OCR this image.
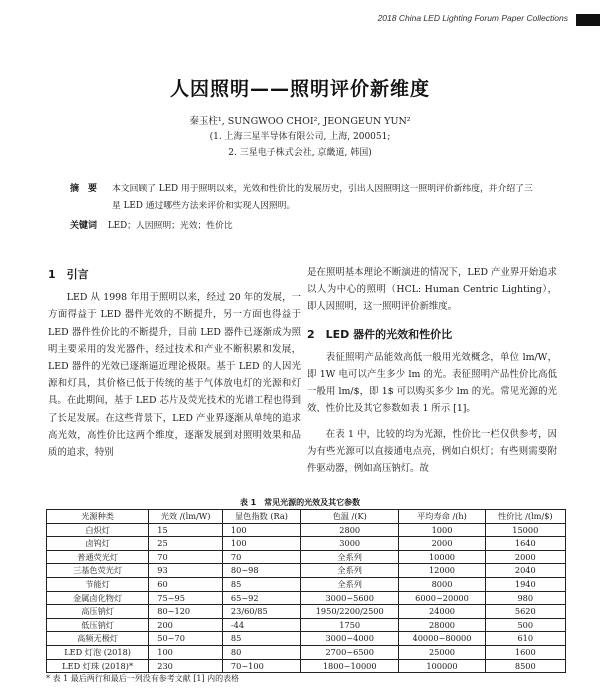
2018 China LED Lighting Forum Paper Collections
人因照明——照明评价新维度
秦玉柱¹, SUNGWOO CHOI², JEONGEUN YUN²
(1. 上海三星半导体有限公司, 上海, 200051;
2. 三星电子株式会社, 京畿道, 韩国)
摘　要 本文回顾了 LED 用于照明以来，光效和性价比的发展历史，引出人因照明这一照明评价新纬度，并介绍了三星 LED 通过哪些方法来评价和实现人因照明。
关键词 LED；人因照明；光效；性价比
1　引言

LED 从 1998 年用于照明以来，经过 20 年的发展，一方面得益于 LED 器件光效的不断提升，另一方面也得益于 LED 器件性价比的不断提升，目前 LED 器件已逐渐成为照明主要采用的发光器件，经过技术和产业不断积累和发展，LED 器件的光效已逐渐逼近理论极限。基于 LED 的人因光源和灯具，其价格已低于传统的基于气体放电灯的光源和灯具。在此期间，基于 LED 芯片及荧光技术的光谱工程也得到了长足发展。在这些背景下，LED 产业界逐渐从单纯的追求高光效，高性价比这两个维度，逐渐发展到对照明效果和品质的追求，特别

是在照明基本理论不断演进的情况下，LED 产业界开始追求以人为中心的照明（HCL: Human Centric Lighting），即人因照明，这一照明评价新维度。

2　LED 器件的光效和性价比

表征照明产品能效高低一般用光效概念，单位 lm/W，即 1W 电可以产生多少 lm 的光。表征照明产品性价比高低一般用 lm/$，即 1$ 可以购买多少 lm 的光。常见光源的光效、性价比及其它参数如表 1 所示 [1]。

在表 1 中，比较的均为光源，性价比一栏仅供参考，因为有些光源可以直接通电点亮，例如白炽灯；有些则需要附件驱动器，例如高压钠灯。故

表 1　常见光源的光效及其它参数
光源种类	光效 /(lm/W)	显色指数 (Ra)	色温 /(K)	平均寿命 /(h)	性价比 /(lm/$)
白炽灯	15	100	2800	1000	15000
卤钨灯	25	100	3000	2000	1640
普通荧光灯	70	70	全系列	10000	2000
三基色荧光灯	93	80~98	全系列	12000	2040
节能灯	60	85	全系列	8000	1940
金属卤化物灯	75~95	65~92	3000~5600	6000~20000	980
高压钠灯	80~120	23/60/85	1950/2200/2500	24000	5620
低压钠灯	200	-44	1750	28000	500
高频无极灯	50~70	85	3000~4000	40000~80000	610
LED 灯泡 (2018)	100	80	2700~6500	25000	1600
LED 灯珠 (2018)*	230	70~100	1800~10000	100000	8500
* 表 1 最后两行和最后一列没有参考文献 [1] 内的表格
